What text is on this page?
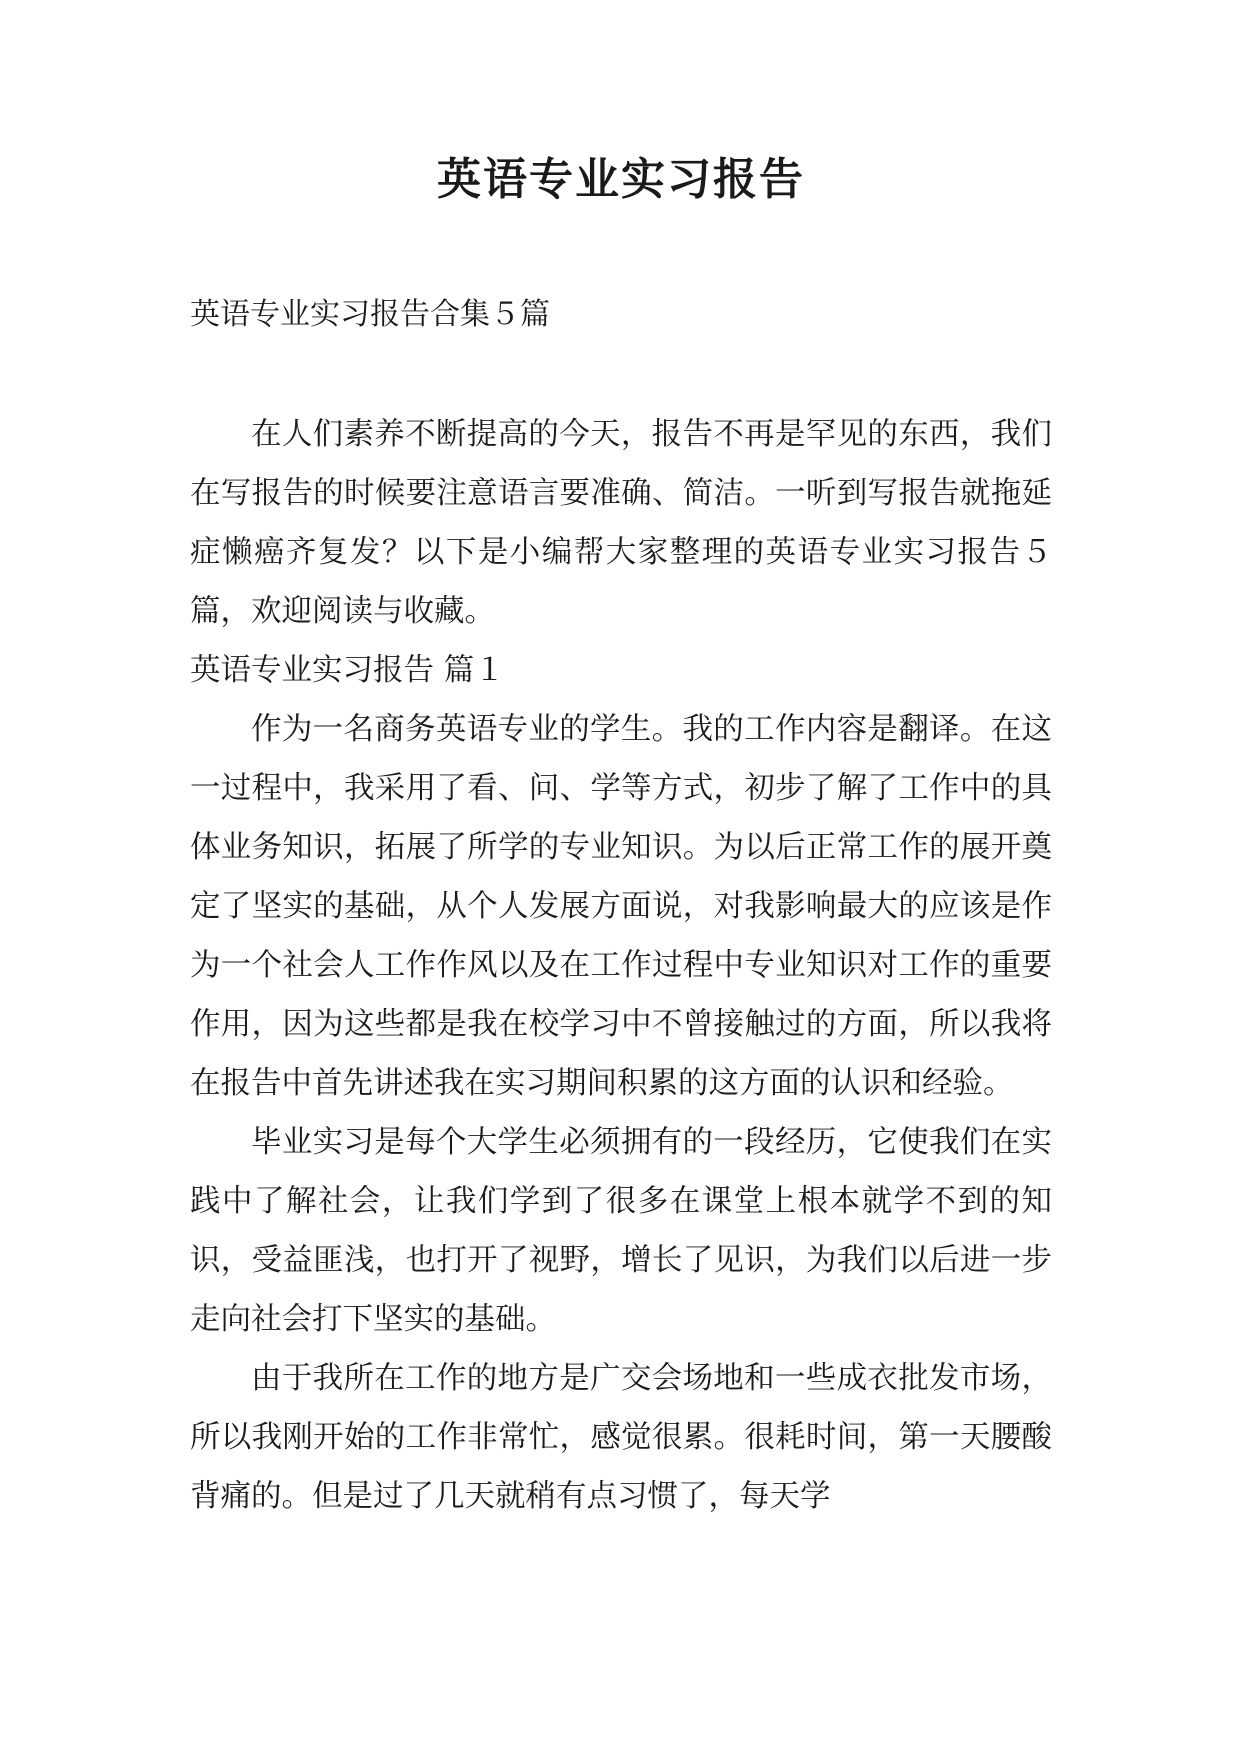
英语专业实习报告
英语专业实习报告合集５篇

在人们素养不断提高的今天，报告不再是罕见的东西，我们在写报告的时候要注意语言要准确、简洁。一听到写报告就拖延症懒癌齐复发？以下是小编帮大家整理的英语专业实习报告５篇，欢迎阅读与收藏。

英语专业实习报告 篇１

作为一名商务英语专业的学生。我的工作内容是翻译。在这一过程中，我采用了看、问、学等方式，初步了解了工作中的具体业务知识，拓展了所学的专业知识。为以后正常工作的展开奠定了坚实的基础，从个人发展方面说，对我影响最大的应该是作为一个社会人工作作风以及在工作过程中专业知识对工作的重要作用，因为这些都是我在校学习中不曾接触过的方面，所以我将在报告中首先讲述我在实习期间积累的这方面的认识和经验。

毕业实习是每个大学生必须拥有的一段经历，它使我们在实践中了解社会，让我们学到了很多在课堂上根本就学不到的知识，受益匪浅，也打开了视野，增长了见识，为我们以后进一步走向社会打下坚实的基础。

由于我所在工作的地方是广交会场地和一些成衣批发市场，所以我刚开始的工作非常忙，感觉很累。很耗时间，第一天腰酸背痛的。但是过了几天就稍有点习惯了，每天学
